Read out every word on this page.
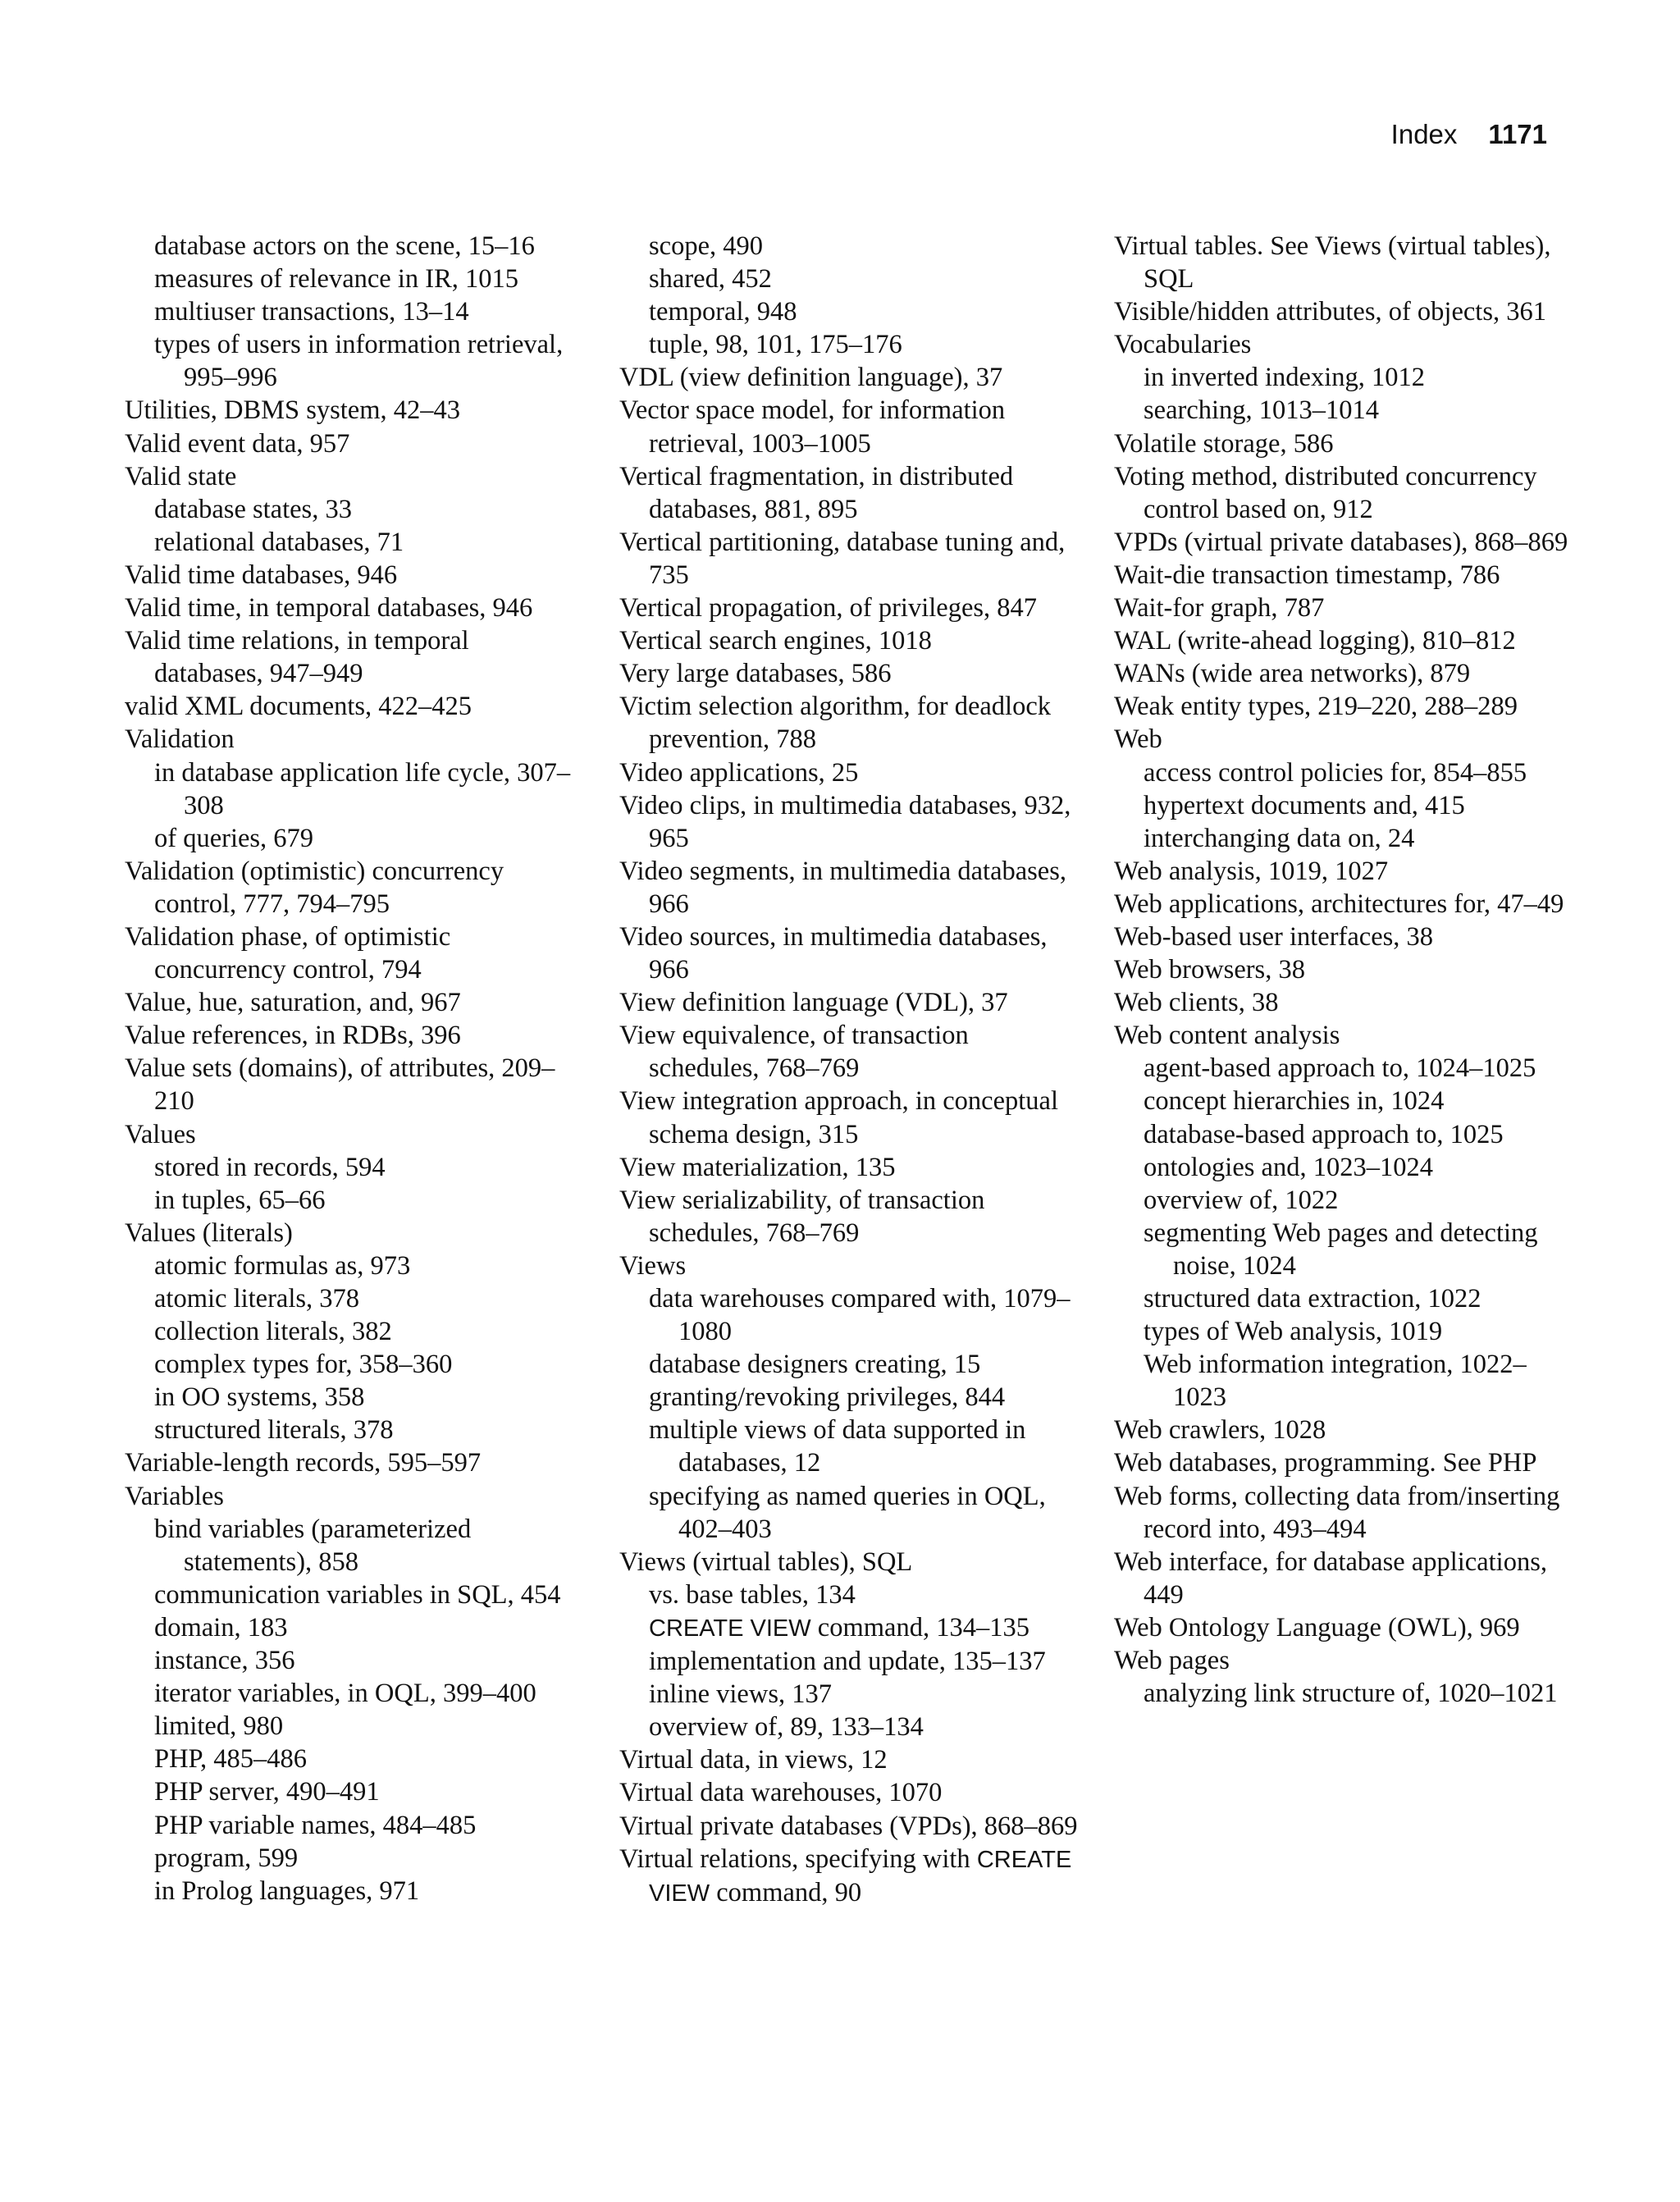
Index 1171

database actors on the scene, 15–16

measures of relevance in IR, 1015

multiuser transactions, 13–14

types of users in information retrieval, 995–996

Utilities, DBMS system, 42–43

Valid event data, 957

Valid state

database states, 33

relational databases, 71

Valid time databases, 946

Valid time, in temporal databases, 946

Valid time relations, in temporal databases, 947–949

valid XML documents, 422–425

Validation

in database application life cycle, 307–308

of queries, 679

Validation (optimistic) concurrency control, 777, 794–795

Validation phase, of optimistic concurrency control, 794

Value, hue, saturation, and, 967

Value references, in RDBs, 396

Value sets (domains), of attributes, 209–210

Values

stored in records, 594

in tuples, 65–66

Values (literals)

atomic formulas as, 973

atomic literals, 378

collection literals, 382

complex types for, 358–360

in OO systems, 358

structured literals, 378

Variable-length records, 595–597

Variables

bind variables (parameterized statements), 858

communication variables in SQL, 454

domain, 183

instance, 356

iterator variables, in OQL, 399–400

limited, 980

PHP, 485–486

PHP server, 490–491

PHP variable names, 484–485

program, 599

in Prolog languages, 971

scope, 490

shared, 452

temporal, 948

tuple, 98, 101, 175–176

VDL (view definition language), 37

Vector space model, for information retrieval, 1003–1005

Vertical fragmentation, in distributed databases, 881, 895

Vertical partitioning, database tuning and, 735

Vertical propagation, of privileges, 847

Vertical search engines, 1018

Very large databases, 586

Victim selection algorithm, for deadlock prevention, 788

Video applications, 25

Video clips, in multimedia databases, 932, 965

Video segments, in multimedia databases, 966

Video sources, in multimedia databases, 966

View definition language (VDL), 37

View equivalence, of transaction schedules, 768–769

View integration approach, in conceptual schema design, 315

View materialization, 135

View serializability, of transaction schedules, 768–769

Views

data warehouses compared with, 1079–1080

database designers creating, 15

granting/revoking privileges, 844

multiple views of data supported in databases, 12

specifying as named queries in OQL, 402–403

Views (virtual tables), SQL

vs. base tables, 134

CREATE VIEW command, 134–135

implementation and update, 135–137

inline views, 137

overview of, 89, 133–134

Virtual data, in views, 12

Virtual data warehouses, 1070

Virtual private databases (VPDs), 868–869

Virtual relations, specifying with CREATE VIEW command, 90

Virtual tables. See Views (virtual tables), SQL

Visible/hidden attributes, of objects, 361

Vocabularies

in inverted indexing, 1012

searching, 1013–1014

Volatile storage, 586

Voting method, distributed concurrency control based on, 912

VPDs (virtual private databases), 868–869

Wait-die transaction timestamp, 786

Wait-for graph, 787

WAL (write-ahead logging), 810–812

WANs (wide area networks), 879

Weak entity types, 219–220, 288–289

Web

access control policies for, 854–855

hypertext documents and, 415

interchanging data on, 24

Web analysis, 1019, 1027

Web applications, architectures for, 47–49

Web-based user interfaces, 38

Web browsers, 38

Web clients, 38

Web content analysis

agent-based approach to, 1024–1025

concept hierarchies in, 1024

database-based approach to, 1025

ontologies and, 1023–1024

overview of, 1022

segmenting Web pages and detecting noise, 1024

structured data extraction, 1022

types of Web analysis, 1019

Web information integration, 1022–1023

Web crawlers, 1028

Web databases, programming. See PHP

Web forms, collecting data from/inserting record into, 493–494

Web interface, for database applications, 449

Web Ontology Language (OWL), 969

Web pages

analyzing link structure of, 1020–1021
